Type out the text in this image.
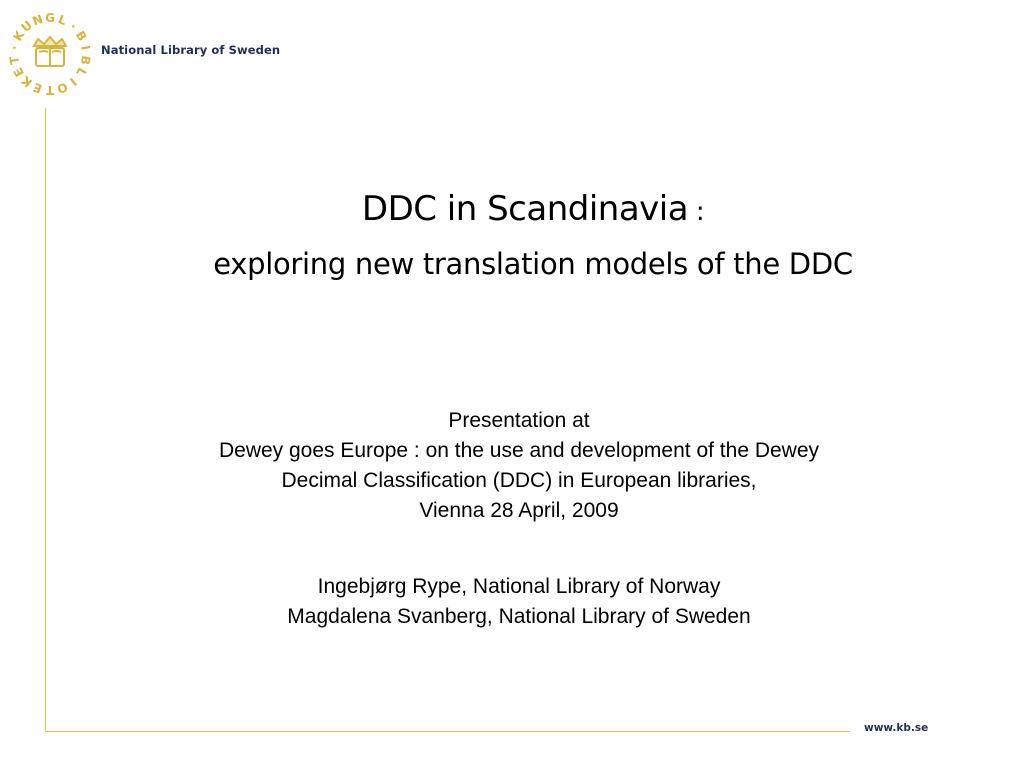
K
U
N G L
·
B
I
B
L
I
O
T
E
K
E
T
·	National Library of Sweden
DDC in Scandinavia :
exploring new translation models of the DDC
Presentation at
Dewey goes Europe : on the use and development of the Dewey
Decimal Classification (DDC) in European libraries,
Vienna 28 April, 2009
Ingebjørg Rype, National Library of Norway
Magdalena Svanberg, National Library of Sweden
www.kb.se
